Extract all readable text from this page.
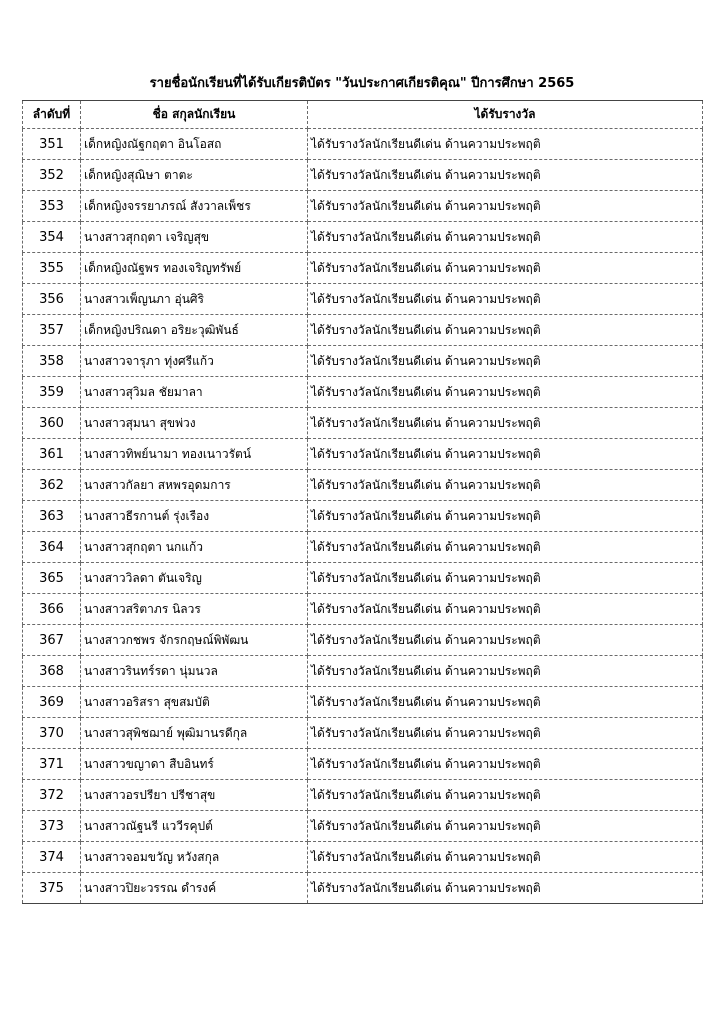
รายชื่อนักเรียนที่ได้รับเกียรติบัตร "วันประกาศเกียรติคุณ" ปีการศึกษา 2565
ลำดับที่	ชื่อ สกุลนักเรียน	ได้รับรางวัล
351	เด็กหญิงณัฐกฤตา อินโอสถ	ได้รับรางวัลนักเรียนดีเด่น ด้านความประพฤติ
352	เด็กหญิงสุณิษา ตาตะ	ได้รับรางวัลนักเรียนดีเด่น ด้านความประพฤติ
353	เด็กหญิงจรรยาภรณ์ สังวาลเพ็ชร	ได้รับรางวัลนักเรียนดีเด่น ด้านความประพฤติ
354	นางสาวสุกฤตา เจริญสุข	ได้รับรางวัลนักเรียนดีเด่น ด้านความประพฤติ
355	เด็กหญิงณัฐพร ทองเจริญทรัพย์	ได้รับรางวัลนักเรียนดีเด่น ด้านความประพฤติ
356	นางสาวเพ็ญนภา อุ่นศิริ	ได้รับรางวัลนักเรียนดีเด่น ด้านความประพฤติ
357	เด็กหญิงปริณดา อริยะวุฒิพันธ์	ได้รับรางวัลนักเรียนดีเด่น ด้านความประพฤติ
358	นางสาวจารุภา ทุ่งศรีแก้ว	ได้รับรางวัลนักเรียนดีเด่น ด้านความประพฤติ
359	นางสาวสุวิมล ชัยมาลา	ได้รับรางวัลนักเรียนดีเด่น ด้านความประพฤติ
360	นางสาวสุมนา สุขพ่วง	ได้รับรางวัลนักเรียนดีเด่น ด้านความประพฤติ
361	นางสาวทิพย์นามา ทองเนาวรัตน์	ได้รับรางวัลนักเรียนดีเด่น ด้านความประพฤติ
362	นางสาวกัลยา สหพรอุดมการ	ได้รับรางวัลนักเรียนดีเด่น ด้านความประพฤติ
363	นางสาวธีรกานต์ รุ่งเรือง	ได้รับรางวัลนักเรียนดีเด่น ด้านความประพฤติ
364	นางสาวสุกฤตา นกแก้ว	ได้รับรางวัลนักเรียนดีเด่น ด้านความประพฤติ
365	นางสาววิลดา ตันเจริญ	ได้รับรางวัลนักเรียนดีเด่น ด้านความประพฤติ
366	นางสาวสริตาภร นิลวร	ได้รับรางวัลนักเรียนดีเด่น ด้านความประพฤติ
367	นางสาวกชพร จักรกฤษณ์พิพัฒน	ได้รับรางวัลนักเรียนดีเด่น ด้านความประพฤติ
368	นางสาวรินทร์รดา นุ่มนวล	ได้รับรางวัลนักเรียนดีเด่น ด้านความประพฤติ
369	นางสาวอริสรา สุขสมบัติ	ได้รับรางวัลนักเรียนดีเด่น ด้านความประพฤติ
370	นางสาวสุพิชฌาย์ พุฒิมานรดีกุล	ได้รับรางวัลนักเรียนดีเด่น ด้านความประพฤติ
371	นางสาวขญาดา สืบอินทร์	ได้รับรางวัลนักเรียนดีเด่น ด้านความประพฤติ
372	นางสาวอรปรียา ปรีชาสุข	ได้รับรางวัลนักเรียนดีเด่น ด้านความประพฤติ
373	นางสาวณัฐนรี แววีรคุปต์	ได้รับรางวัลนักเรียนดีเด่น ด้านความประพฤติ
374	นางสาวจอมขวัญ หวังสกุล	ได้รับรางวัลนักเรียนดีเด่น ด้านความประพฤติ
375	นางสาวปิยะวรรณ ดำรงค์	ได้รับรางวัลนักเรียนดีเด่น ด้านความประพฤติ
